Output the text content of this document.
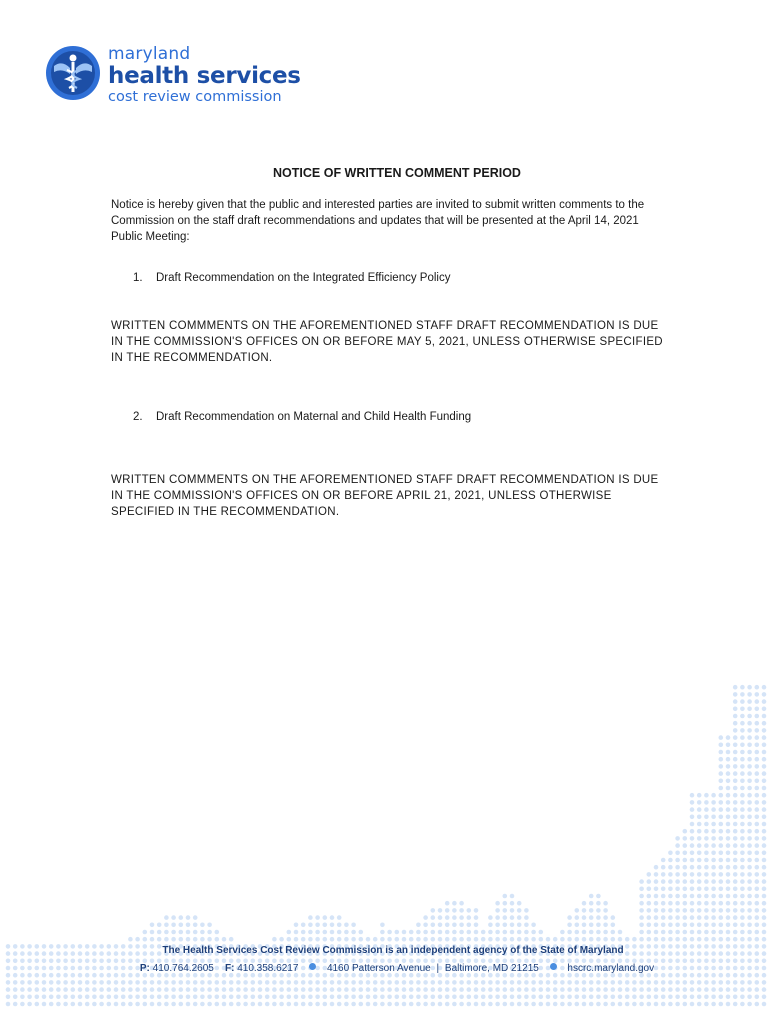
maryland
health services
cost review commission
NOTICE OF WRITTEN COMMENT PERIOD
Notice is hereby given that the public and interested parties are invited to submit written comments to the Commission on the staff draft recommendations and updates that will be presented at the April 14, 2021 Public Meeting:
1. Draft Recommendation on the Integrated Efficiency Policy
WRITTEN COMMMENTS ON THE AFOREMENTIONED STAFF DRAFT RECOMMENDATION IS DUE IN THE COMMISSION'S OFFICES ON OR BEFORE MAY 5, 2021, UNLESS OTHERWISE SPECIFIED IN THE RECOMMENDATION.
2. Draft Recommendation on Maternal and Child Health Funding
WRITTEN COMMMENTS ON THE AFOREMENTIONED STAFF DRAFT RECOMMENDATION IS DUE IN THE COMMISSION'S OFFICES ON OR BEFORE APRIL 21, 2021, UNLESS OTHERWISE SPECIFIED IN THE RECOMMENDATION.
The Health Services Cost Review Commission is an independent agency of the State of Maryland
P: 410.764.2605 F: 410.358.6217	4160 Patterson Avenue | Baltimore, MD 21215	hscrc.maryland.gov
